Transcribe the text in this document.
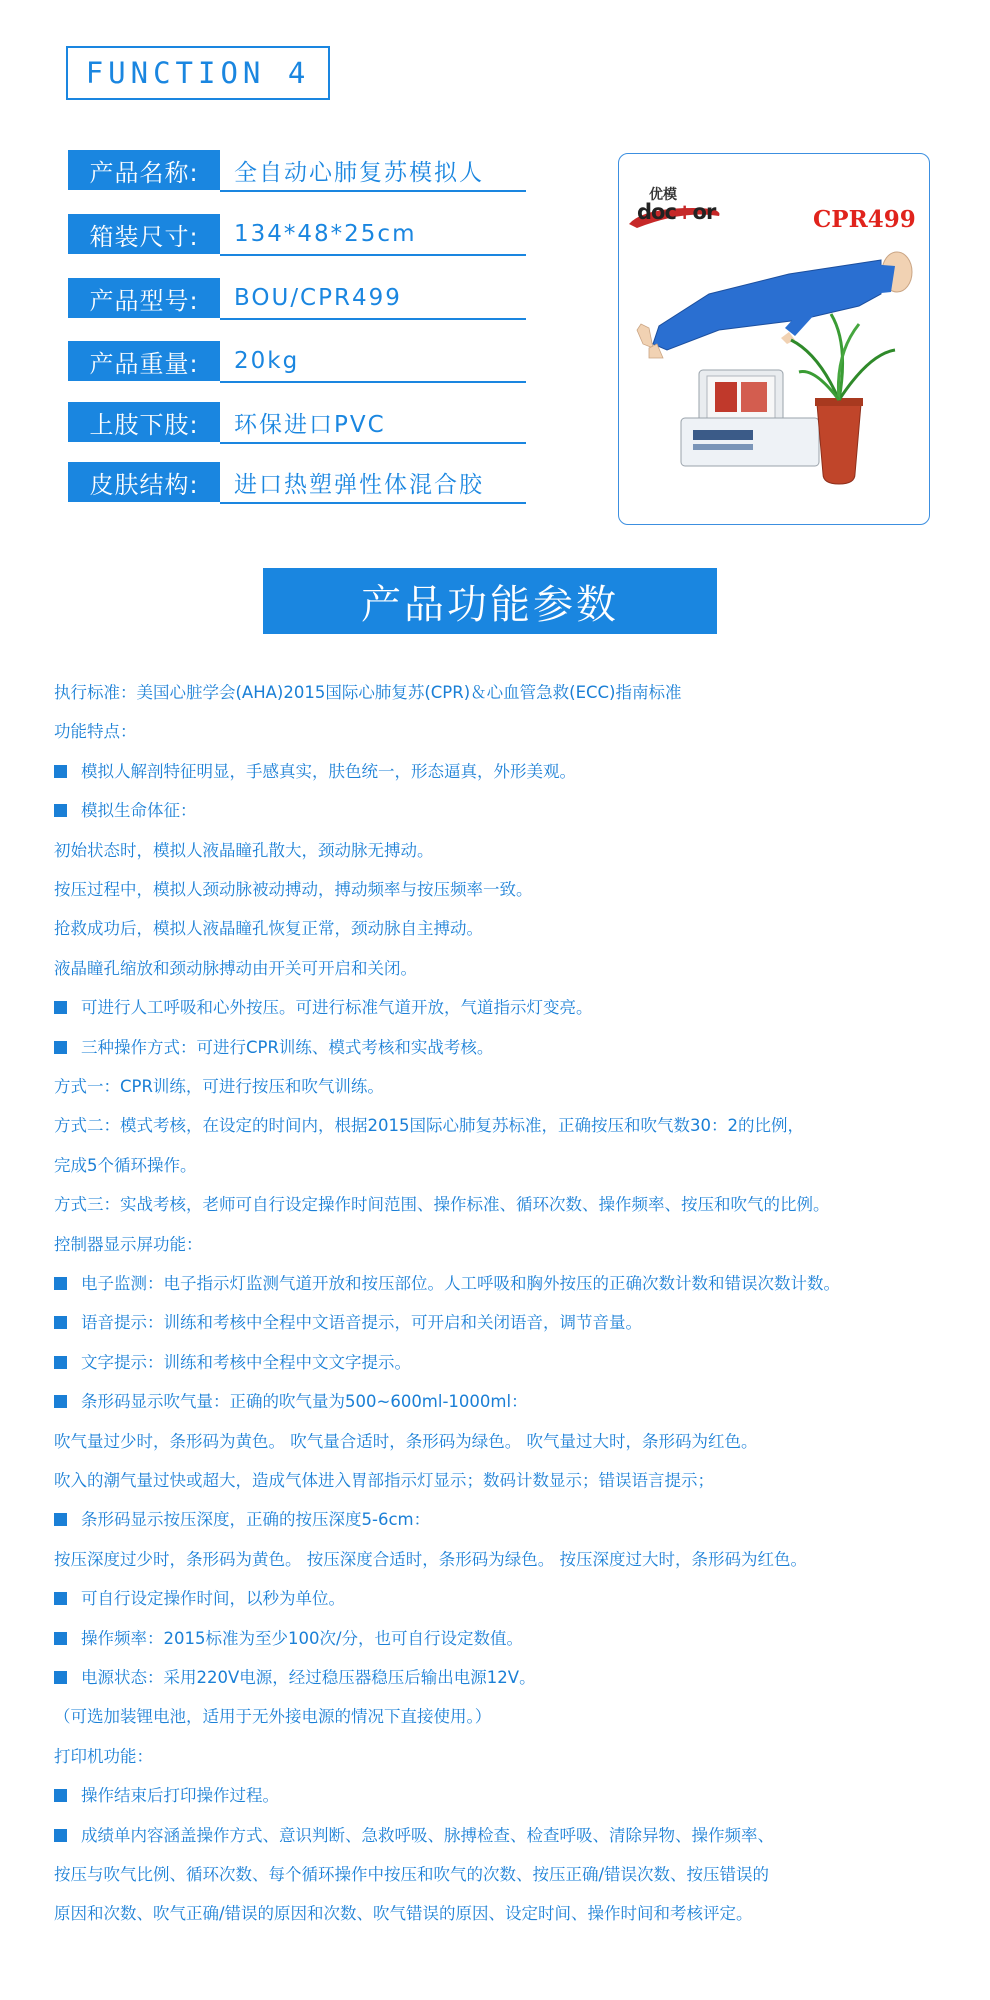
FUNCTION 4
产品名称:	全自动心肺复苏模拟人
箱装尺寸:	134*48*25cm
产品型号:	BOU/CPR499
产品重量:	20kg
上肢下肢:	环保进口PVC
皮肤结构:	进口热塑弹性体混合胶
优模
doc+or	CPR499
产品功能参数
执行标准：美国心脏学会(AHA)2015国际心肺复苏(CPR)＆心血管急救(ECC)指南标准
功能特点：
模拟人解剖特征明显，手感真实，肤色统一，形态逼真，外形美观。
模拟生命体征：
初始状态时，模拟人液晶瞳孔散大，颈动脉无搏动。
按压过程中，模拟人颈动脉被动搏动，搏动频率与按压频率一致。
抢救成功后，模拟人液晶瞳孔恢复正常，颈动脉自主搏动。
液晶瞳孔缩放和颈动脉搏动由开关可开启和关闭。
可进行人工呼吸和心外按压。可进行标准气道开放，气道指示灯变亮。
三种操作方式：可进行CPR训练、模式考核和实战考核。
方式一：CPR训练，可进行按压和吹气训练。
方式二：模式考核，在设定的时间内，根据2015国际心肺复苏标准，正确按压和吹气数30：2的比例，
完成5个循环操作。
方式三：实战考核，老师可自行设定操作时间范围、操作标准、循环次数、操作频率、按压和吹气的比例。
控制器显示屏功能：
电子监测：电子指示灯监测气道开放和按压部位。人工呼吸和胸外按压的正确次数计数和错误次数计数。
语音提示：训练和考核中全程中文语音提示，可开启和关闭语音，调节音量。
文字提示：训练和考核中全程中文文字提示。
条形码显示吹气量：正确的吹气量为500~600ml-1000ml：
吹气量过少时，条形码为黄色。 吹气量合适时，条形码为绿色。 吹气量过大时，条形码为红色。
吹入的潮气量过快或超大，造成气体进入胃部指示灯显示；数码计数显示；错误语言提示；
条形码显示按压深度，正确的按压深度5-6cm：
按压深度过少时，条形码为黄色。 按压深度合适时，条形码为绿色。 按压深度过大时，条形码为红色。
可自行设定操作时间，以秒为单位。
操作频率：2015标准为至少100次/分，也可自行设定数值。
电源状态：采用220V电源，经过稳压器稳压后输出电源12V。
（可选加装锂电池，适用于无外接电源的情况下直接使用。）
打印机功能：
操作结束后打印操作过程。
成绩单内容涵盖操作方式、意识判断、急救呼吸、脉搏检查、检查呼吸、清除异物、操作频率、
按压与吹气比例、循环次数、每个循环操作中按压和吹气的次数、按压正确/错误次数、按压错误的
原因和次数、吹气正确/错误的原因和次数、吹气错误的原因、设定时间、操作时间和考核评定。
